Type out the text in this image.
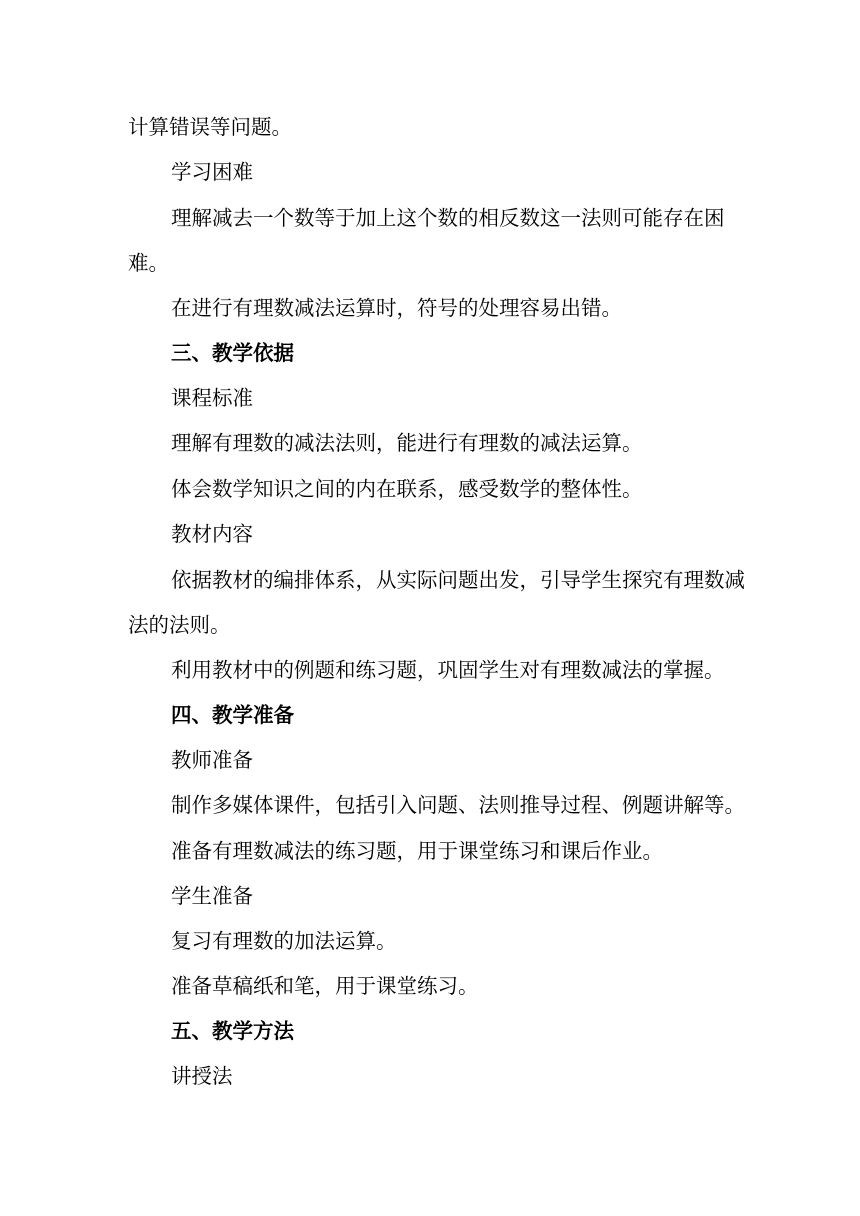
计算错误等问题。
学习困难
理解减去一个数等于加上这个数的相反数这一法则可能存在困
难。
在进行有理数减法运算时，符号的处理容易出错。
三、教学依据
课程标准
理解有理数的减法法则，能进行有理数的减法运算。
体会数学知识之间的内在联系，感受数学的整体性。
教材内容
依据教材的编排体系，从实际问题出发，引导学生探究有理数减
法的法则。
利用教材中的例题和练习题，巩固学生对有理数减法的掌握。
四、教学准备
教师准备
制作多媒体课件，包括引入问题、法则推导过程、例题讲解等。
准备有理数减法的练习题，用于课堂练习和课后作业。
学生准备
复习有理数的加法运算。
准备草稿纸和笔，用于课堂练习。
五、教学方法
讲授法
